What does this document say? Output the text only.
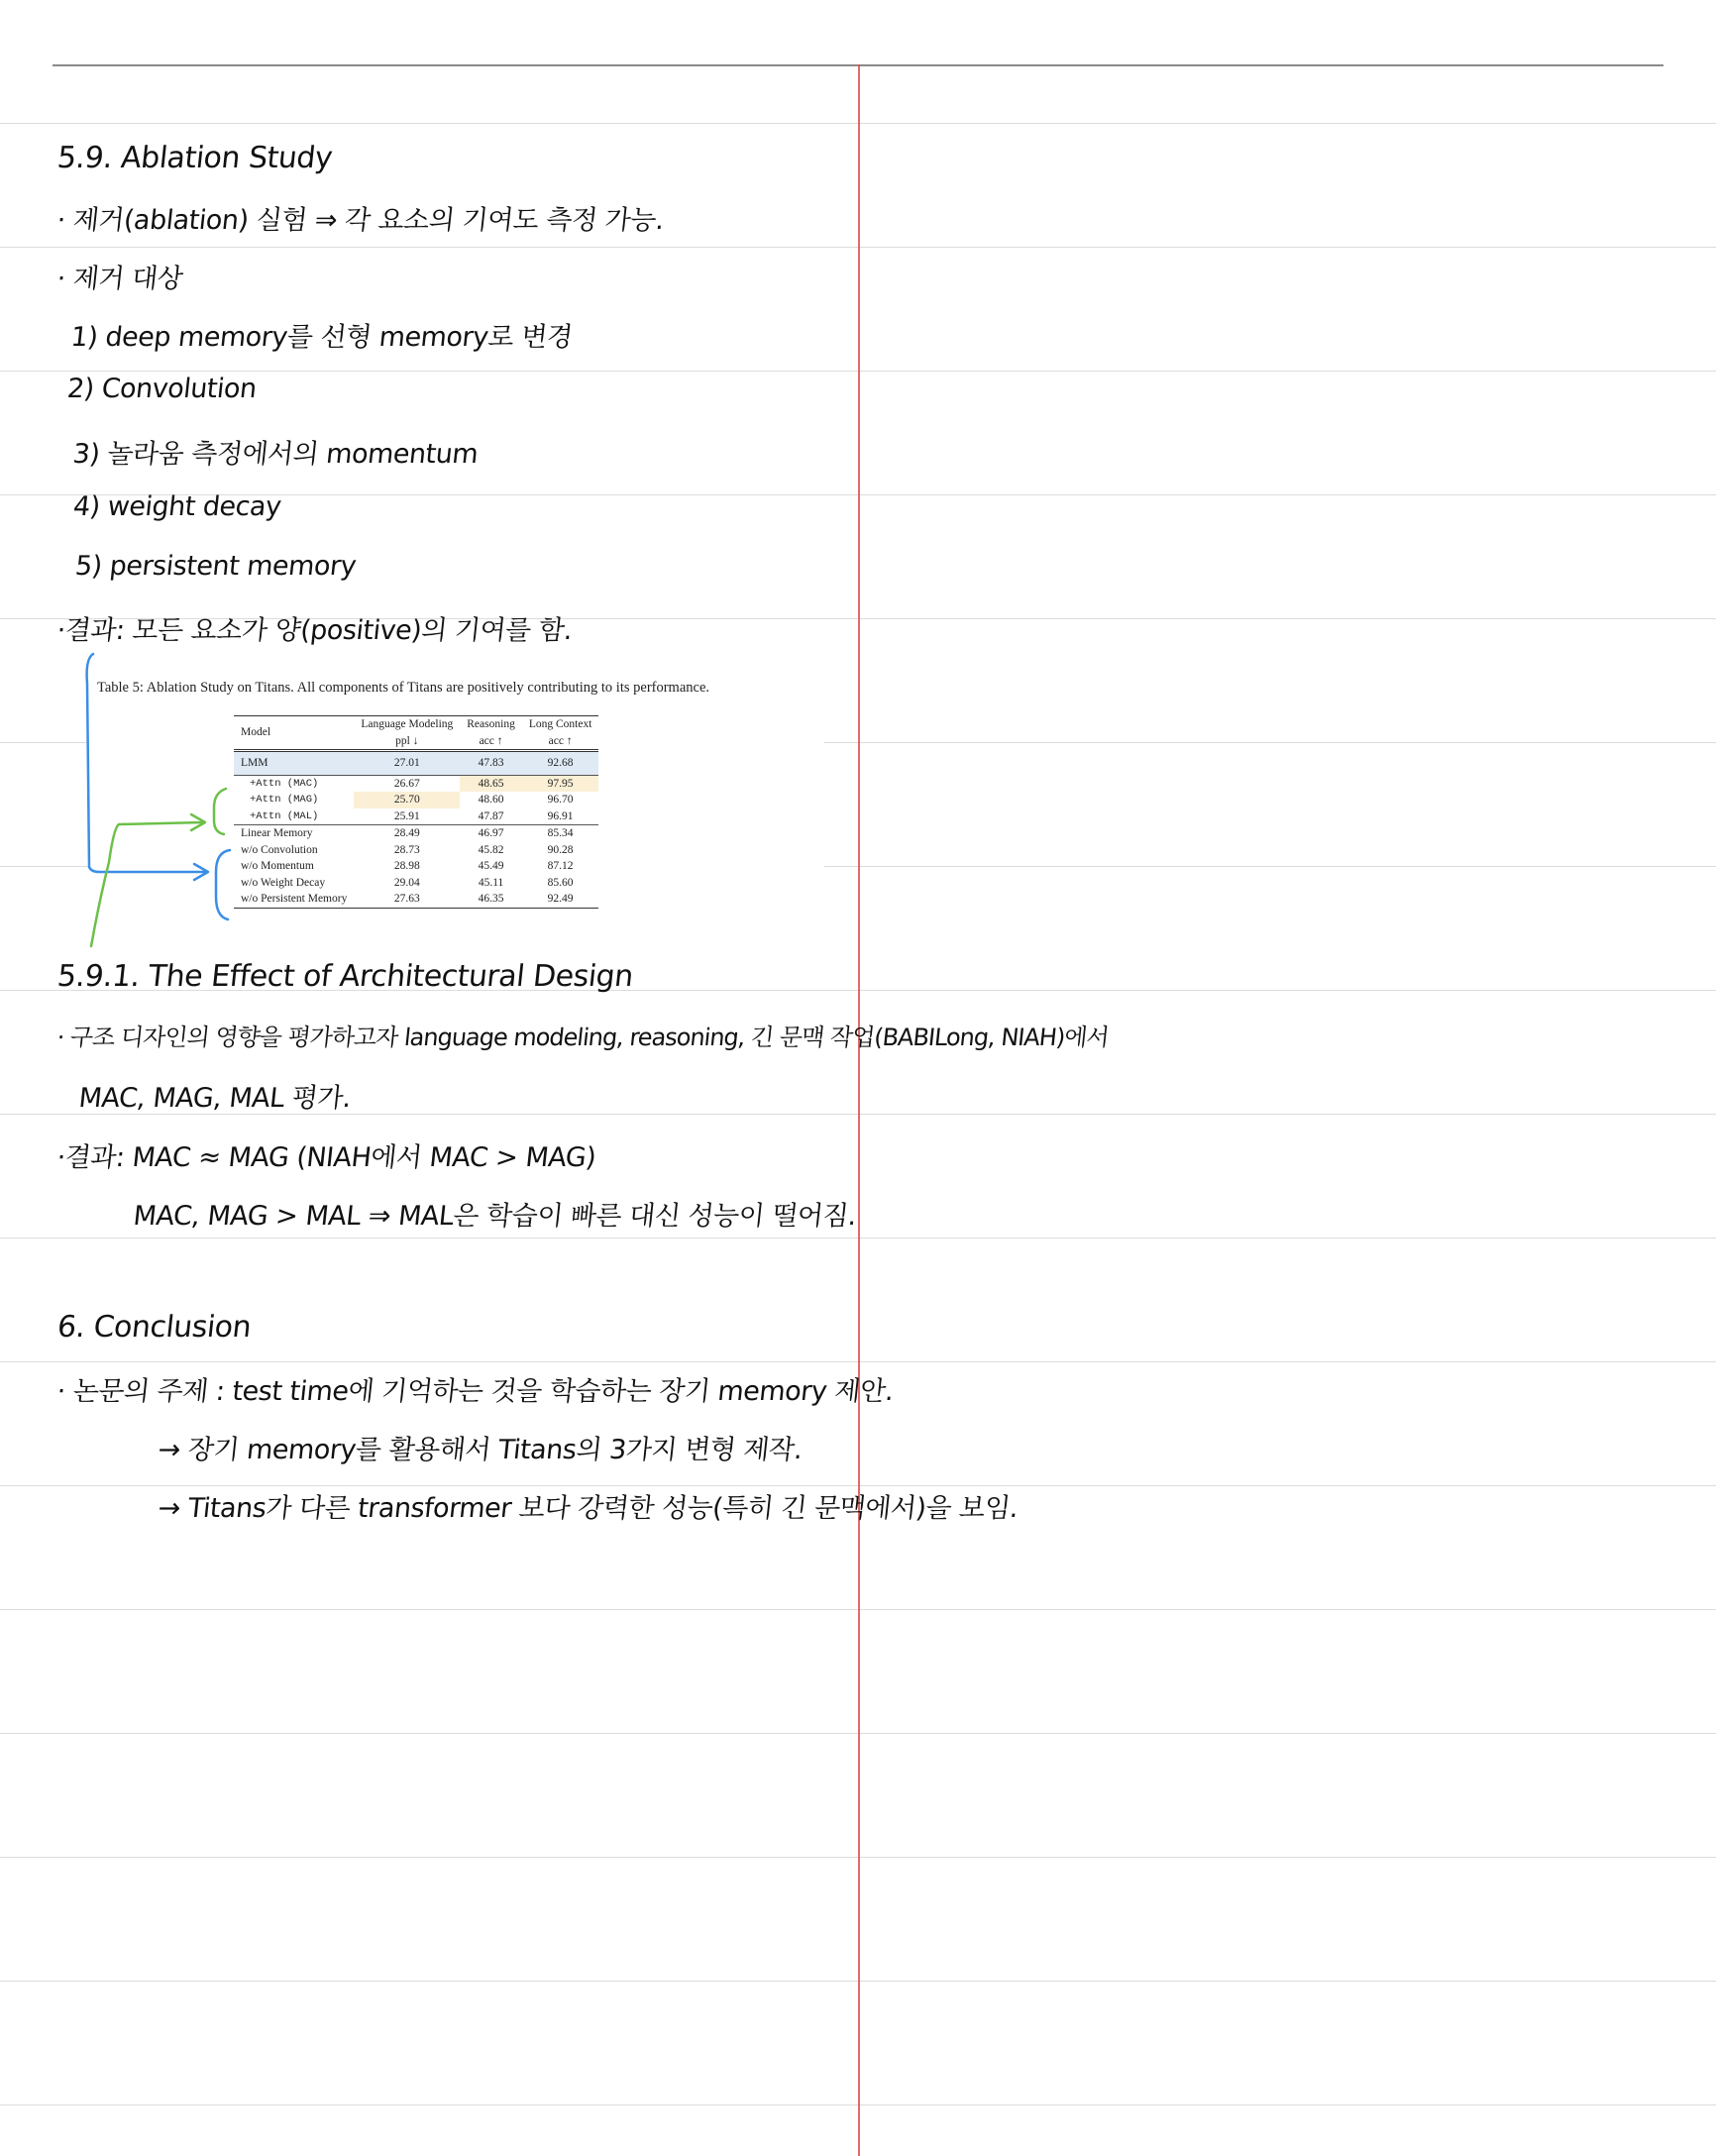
5.9. Ablation Study
· 제거(ablation) 실험 ⇒ 각 요소의 기여도 측정 가능.
· 제거 대상
1) deep memory를 선형 memory로 변경
2) Convolution
3) 놀라움 측정에서의 momentum
4) weight decay
5) persistent memory
·결과: 모든 요소가 양(positive)의 기여를 함.
Table 5: Ablation Study on Titans. All components of Titans are positively contributing to its performance.
Model	Language Modeling	Reasoning	Long Context
	ppl ↓	acc ↑	acc ↑
LMM	27.01	47.83	92.68
+Attn (MAC)	26.67	48.65	97.95
+Attn (MAG)	25.70	48.60	96.70
+Attn (MAL)	25.91	47.87	96.91
Linear Memory	28.49	46.97	85.34
w/o Convolution	28.73	45.82	90.28
w/o Momentum	28.98	45.49	87.12
w/o Weight Decay	29.04	45.11	85.60
w/o Persistent Memory	27.63	46.35	92.49
5.9.1. The Effect of Architectural Design
· 구조 디자인의 영향을 평가하고자 language modeling, reasoning, 긴 문맥 작업(BABILong, NIAH)에서
MAC, MAG, MAL 평가.
·결과: MAC ≈ MAG (NIAH에서 MAC > MAG)
MAC, MAG > MAL ⇒ MAL은 학습이 빠른 대신 성능이 떨어짐.
6. Conclusion
· 논문의 주제 : test time에 기억하는 것을 학습하는 장기 memory 제안.
→ 장기 memory를 활용해서 Titans의 3가지 변형 제작.
→ Titans가 다른 transformer 보다 강력한 성능(특히 긴 문맥에서)을 보임.
